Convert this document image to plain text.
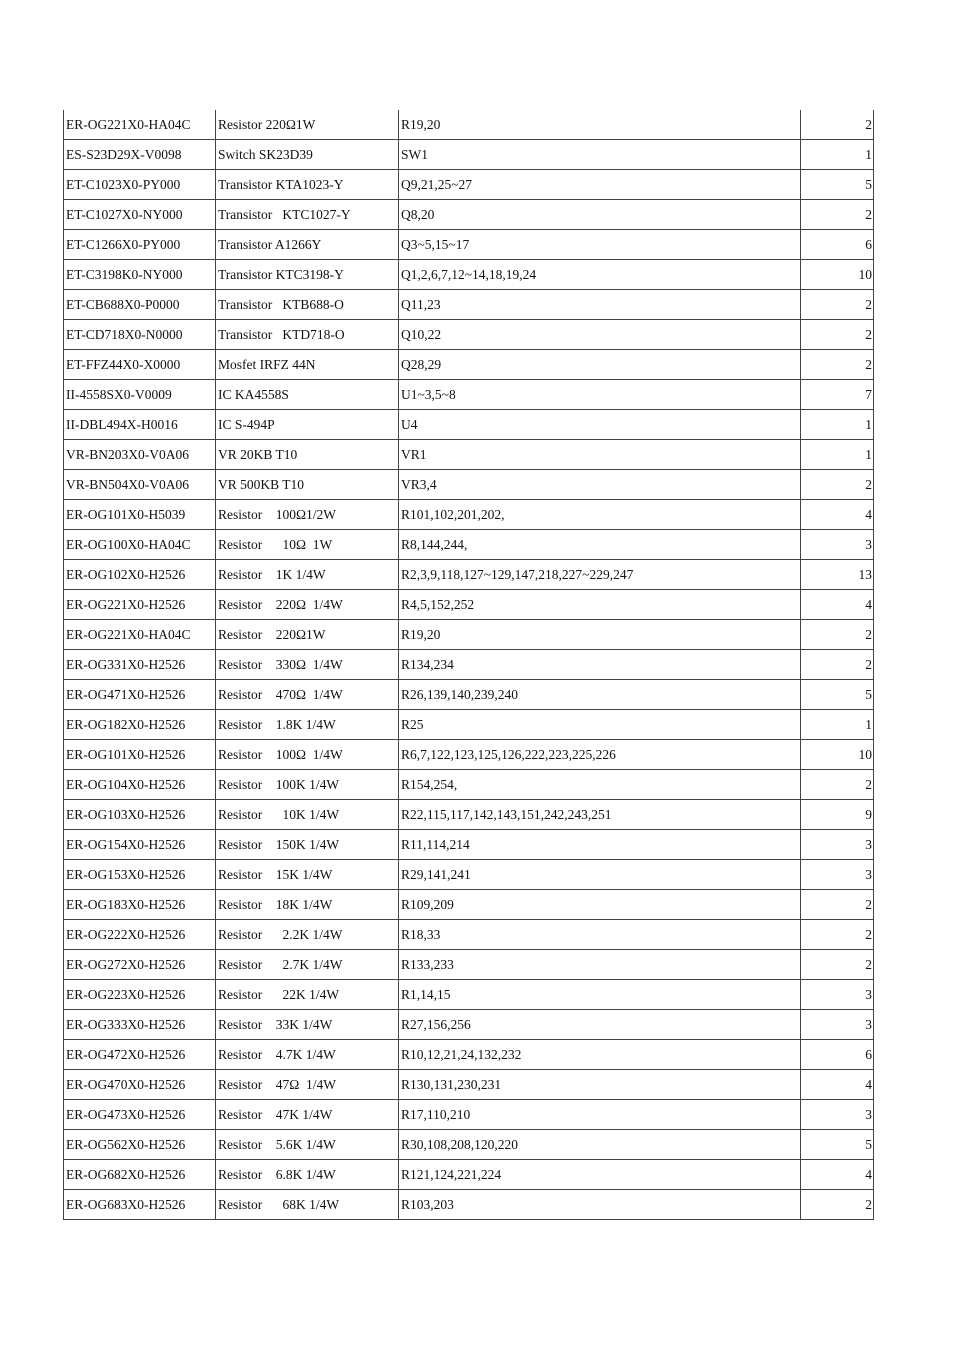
ER-OG221X0-HA04C	Resistor 220Ω1W	R19,20	2
ES-S23D29X-V0098	Switch SK23D39	SW1	1
ET-C1023X0-PY000	Transistor KTA1023-Y	Q9,21,25~27	5
ET-C1027X0-NY000	Transistor   KTC1027-Y	Q8,20	2
ET-C1266X0-PY000	Transistor A1266Y	Q3~5,15~17	6
ET-C3198K0-NY000	Transistor KTC3198-Y	Q1,2,6,7,12~14,18,19,24	10
ET-CB688X0-P0000	Transistor   KTB688-O	Q11,23	2
ET-CD718X0-N0000	Transistor   KTD718-O	Q10,22	2
ET-FFZ44X0-X0000	Mosfet IRFZ 44N	Q28,29	2
II-4558SX0-V0009	IC KA4558S	U1~3,5~8	7
II-DBL494X-H0016	IC S-494P	U4	1
VR-BN203X0-V0A06	VR 20KB T10	VR1	1
VR-BN504X0-V0A06	VR 500KB T10	VR3,4	2
ER-OG101X0-H5039	Resistor    100Ω1/2W	R101,102,201,202,	4
ER-OG100X0-HA04C	Resistor      10Ω  1W	R8,144,244,	3
ER-OG102X0-H2526	Resistor    1K 1/4W	R2,3,9,118,127~129,147,218,227~229,247	13
ER-OG221X0-H2526	Resistor    220Ω  1/4W	R4,5,152,252	4
ER-OG221X0-HA04C	Resistor    220Ω1W	R19,20	2
ER-OG331X0-H2526	Resistor    330Ω  1/4W	R134,234	2
ER-OG471X0-H2526	Resistor    470Ω  1/4W	R26,139,140,239,240	5
ER-OG182X0-H2526	Resistor    1.8K 1/4W	R25	1
ER-OG101X0-H2526	Resistor    100Ω  1/4W	R6,7,122,123,125,126,222,223,225,226	10
ER-OG104X0-H2526	Resistor    100K 1/4W	R154,254,	2
ER-OG103X0-H2526	Resistor      10K 1/4W	R22,115,117,142,143,151,242,243,251	9
ER-OG154X0-H2526	Resistor    150K 1/4W	R11,114,214	3
ER-OG153X0-H2526	Resistor    15K 1/4W	R29,141,241	3
ER-OG183X0-H2526	Resistor    18K 1/4W	R109,209	2
ER-OG222X0-H2526	Resistor      2.2K 1/4W	R18,33	2
ER-OG272X0-H2526	Resistor      2.7K 1/4W	R133,233	2
ER-OG223X0-H2526	Resistor      22K 1/4W	R1,14,15	3
ER-OG333X0-H2526	Resistor    33K 1/4W	R27,156,256	3
ER-OG472X0-H2526	Resistor    4.7K 1/4W	R10,12,21,24,132,232	6
ER-OG470X0-H2526	Resistor    47Ω  1/4W	R130,131,230,231	4
ER-OG473X0-H2526	Resistor    47K 1/4W	R17,110,210	3
ER-OG562X0-H2526	Resistor    5.6K 1/4W	R30,108,208,120,220	5
ER-OG682X0-H2526	Resistor    6.8K 1/4W	R121,124,221,224	4
ER-OG683X0-H2526	Resistor      68K 1/4W	R103,203	2
